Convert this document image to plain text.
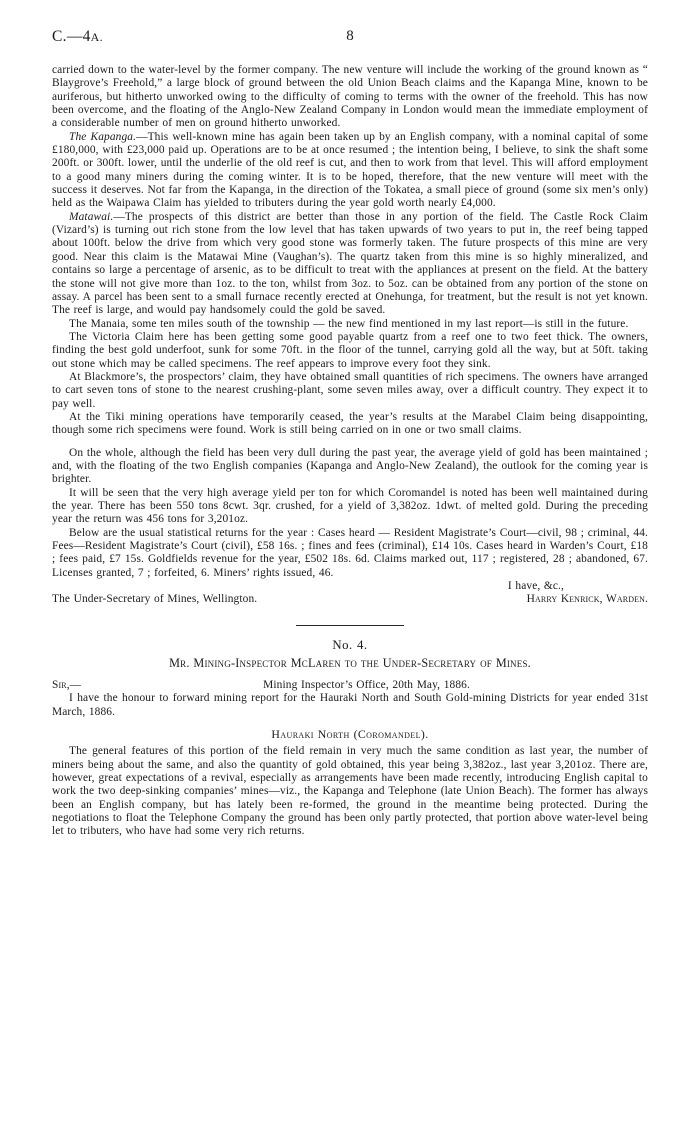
C.—4A.	8

carried down to the water-level by the former company. The new venture will include the working of the ground known as “ Blaygrove’s Freehold,” a large block of ground between the old Union Beach claims and the Kapanga Mine, known to be auriferous, but hitherto unworked owing to the difficulty of coming to terms with the owner of the freehold. This has now been overcome, and the floating of the Anglo-New Zealand Company in London would mean the immediate employment of a considerable number of men on ground hitherto unworked.

The Kapanga.—This well-known mine has again been taken up by an English company, with a nominal capital of some £180,000, with £23,000 paid up. Operations are to be at once resumed ; the intention being, I believe, to sink the shaft some 200ft. or 300ft. lower, until the underlie of the old reef is cut, and then to work from that level. This will afford employment to a good many miners during the coming winter. It is to be hoped, therefore, that the new venture will meet with the success it deserves. Not far from the Kapanga, in the direction of the Tokatea, a small piece of ground (some six men’s only) held as the Waipawa Claim has yielded to tributers during the year gold worth nearly £4,000.

Matawai.—The prospects of this district are better than those in any portion of the field. The Castle Rock Claim (Vizard’s) is turning out rich stone from the low level that has taken upwards of two years to put in, the reef being tapped about 100ft. below the drive from which very good stone was formerly taken. The future prospects of this mine are very good. Near this claim is the Matawai Mine (Vaughan’s). The quartz taken from this mine is so highly mineralized, and contains so large a percentage of arsenic, as to be difficult to treat with the appliances at present on the field. At the battery the stone will not give more than 1oz. to the ton, whilst from 3oz. to 5oz. can be obtained from any portion of the stone on assay. A parcel has been sent to a small furnace recently erected at Onehunga, for treatment, but the result is not yet known. The reef is large, and would pay handsomely could the gold be saved.

The Manaia, some ten miles south of the township — the new find mentioned in my last report—is still in the future.

The Victoria Claim here has been getting some good payable quartz from a reef one to two feet thick. The owners, finding the best gold underfoot, sunk for some 70ft. in the floor of the tunnel, carrying gold all the way, but at 50ft. taking out stone which may be called specimens. The reef appears to improve every foot they sink.

At Blackmore’s, the prospectors’ claim, they have obtained small quantities of rich specimens. The owners have arranged to cart seven tons of stone to the nearest crushing-plant, some seven miles away, over a difficult country. They expect it to pay well.

At the Tiki mining operations have temporarily ceased, the year’s results at the Marabel Claim being disappointing, though some rich specimens were found. Work is still being carried on in one or two small claims.

On the whole, although the field has been very dull during the past year, the average yield of gold has been maintained ; and, with the floating of the two English companies (Kapanga and Anglo-New Zealand), the outlook for the coming year is brighter.

It will be seen that the very high average yield per ton for which Coromandel is noted has been well maintained during the year. There has been 550 tons 8cwt. 3qr. crushed, for a yield of 3,382oz. 1dwt. of melted gold. During the preceding year the return was 456 tons for 3,201oz.

Below are the usual statistical returns for the year : Cases heard — Resident Magistrate’s Court—civil, 98 ; criminal, 44. Fees—Resident Magistrate’s Court (civil), £58 16s. ; fines and fees (criminal), £14 10s. Cases heard in Warden’s Court, £18 ; fees paid, £7 15s. Goldfields revenue for the year, £502 18s. 6d. Claims marked out, 117 ; registered, 28 ; abandoned, 67. Licenses granted, 7 ; forfeited, 6. Miners’ rights issued, 46.

I have, &c.,
The Under-Secretary of Mines, Wellington.	Harry Kenrick, Warden.
No. 4.
Mr. Mining-Inspector McLaren to the Under-Secretary of Mines.
Sir,—	Mining Inspector’s Office, 20th May, 1886.

I have the honour to forward mining report for the Hauraki North and South Gold-mining Districts for year ended 31st March, 1886.

Hauraki North (Coromandel).

The general features of this portion of the field remain in very much the same condition as last year, the number of miners being about the same, and also the quantity of gold obtained, this year being 3,382oz., last year 3,201oz. There are, however, great expectations of a revival, especially as arrangements have been made recently, introducing English capital to work the two deep-sinking companies’ mines—viz., the Kapanga and Telephone (late Union Beach). The former has always been an English company, but has lately been re-formed, the ground in the meantime being protected. During the negotiations to float the Telephone Company the ground has been only partly protected, that portion above water-level being let to tributers, who have had some very rich returns.
